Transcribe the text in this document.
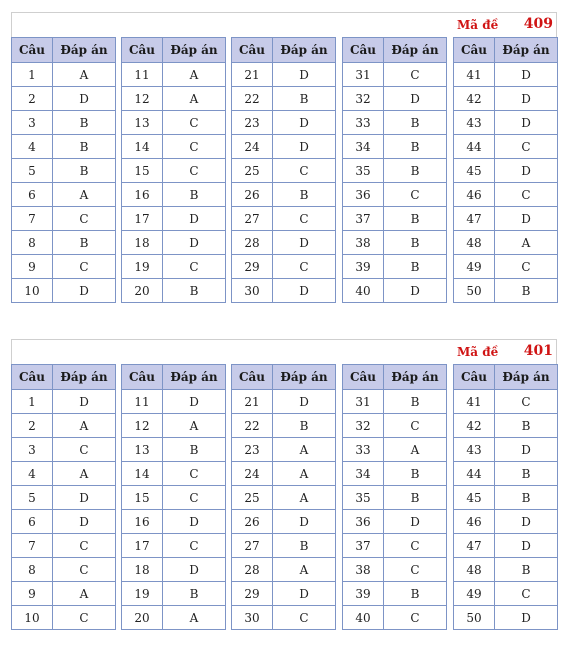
Mã đề 409
Câu	Đáp án
1	A
2	D
3	B
4	B
5	B
6	A
7	C
8	B
9	C
10	D
Câu	Đáp án
11	A
12	A
13	C
14	C
15	C
16	B
17	D
18	D
19	C
20	B
Câu	Đáp án
21	D
22	B
23	D
24	D
25	C
26	B
27	C
28	D
29	C
30	D
Câu	Đáp án
31	C
32	D
33	B
34	B
35	B
36	C
37	B
38	B
39	B
40	D
Câu	Đáp án
41	D
42	D
43	D
44	C
45	D
46	C
47	D
48	A
49	C
50	B
Mã đề 401
Câu	Đáp án
1	D
2	A
3	C
4	A
5	D
6	D
7	C
8	C
9	A
10	C
Câu	Đáp án
11	D
12	A
13	B
14	C
15	C
16	D
17	C
18	D
19	B
20	A
Câu	Đáp án
21	D
22	B
23	A
24	A
25	A
26	D
27	B
28	A
29	D
30	C
Câu	Đáp án
31	B
32	C
33	A
34	B
35	B
36	D
37	C
38	C
39	B
40	C
Câu	Đáp án
41	C
42	B
43	D
44	B
45	B
46	D
47	D
48	B
49	C
50	D
